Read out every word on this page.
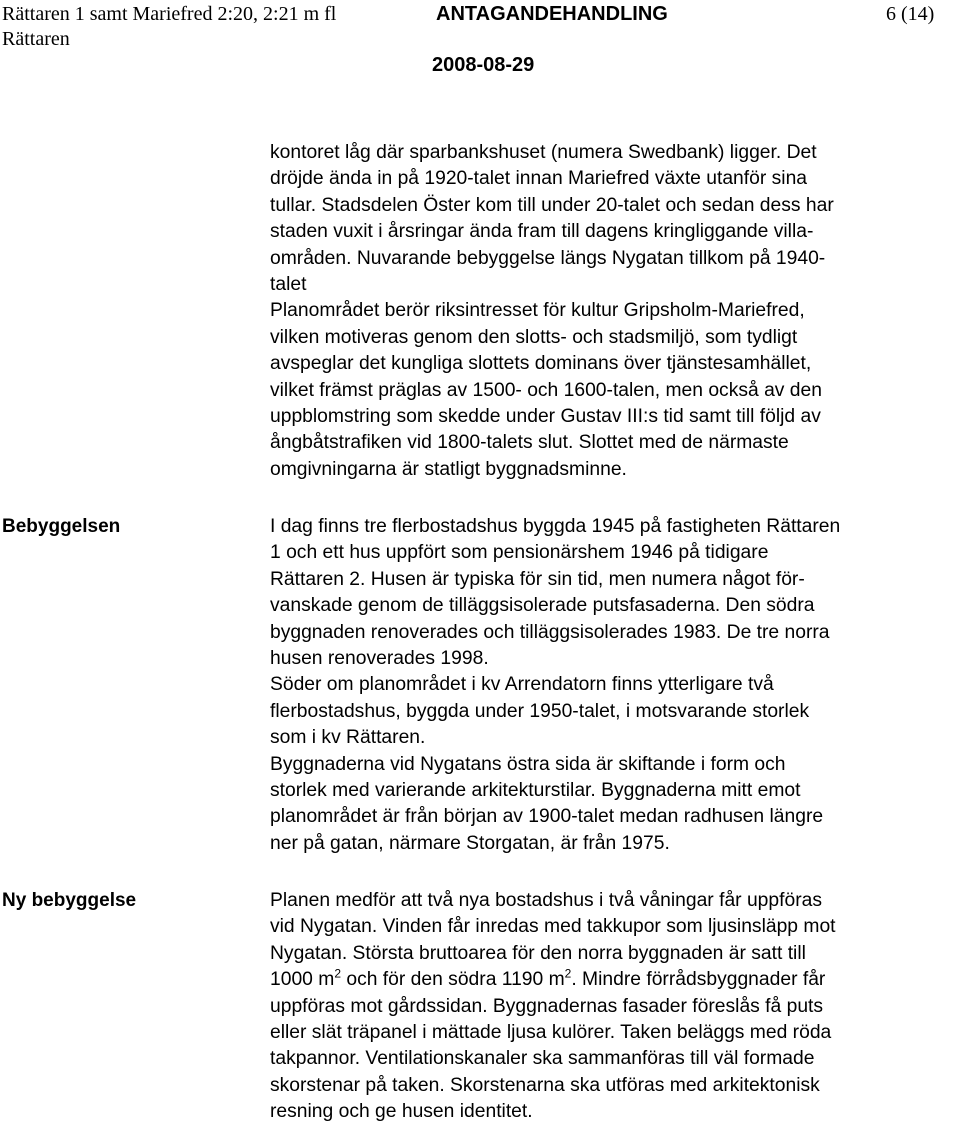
Rättaren 1 samt Mariefred 2:20, 2:21 m fl
Rättaren
ANTAGANDEHANDLING	6 (14)
2008-08-29

kontoret låg där sparbankshuset (numera Swedbank) ligger. Det

dröjde ända in på 1920-talet innan Mariefred växte utanför sina

tullar. Stadsdelen Öster kom till under 20-talet och sedan dess har

staden vuxit i årsringar ända fram till dagens kringliggande villa-

områden. Nuvarande bebyggelse längs Nygatan tillkom på 1940-

talet

Planområdet berör riksintresset för kultur Gripsholm-Mariefred,

vilken motiveras genom den slotts- och stadsmiljö, som tydligt

avspeglar det kungliga slottets dominans över tjänstesamhället,

vilket främst präglas av 1500- och 1600-talen, men också av den

uppblomstring som skedde under Gustav III:s tid samt till följd av

ångbåtstrafiken vid 1800-talets slut. Slottet med de närmaste

omgivningarna är statligt byggnadsminne.

Bebyggelsen	I dag finns tre flerbostadshus byggda 1945 på fastigheten Rättaren

1 och ett hus uppfört som pensionärshem 1946 på tidigare

Rättaren 2. Husen är typiska för sin tid, men numera något för-

vanskade genom de tilläggsisolerade putsfasaderna. Den södra

byggnaden renoverades och tilläggsisolerades 1983. De tre norra

husen renoverades 1998.

Söder om planområdet i kv Arrendatorn finns ytterligare två

flerbostadshus, byggda under 1950-talet, i motsvarande storlek

som i kv Rättaren.

Byggnaderna vid Nygatans östra sida är skiftande i form och

storlek med varierande arkitekturstilar. Byggnaderna mitt emot

planområdet är från början av 1900-talet medan radhusen längre

ner på gatan, närmare Storgatan, är från 1975.

Ny bebyggelse	Planen medför att två nya bostadshus i två våningar får uppföras

vid Nygatan. Vinden får inredas med takkupor som ljusinsläpp mot

Nygatan. Största bruttoarea för den norra byggnaden är satt till

1000 $m^2$ och för den södra 1190 $m^2$. Mindre förrådsbyggnader får

uppföras mot gårdssidan. Byggnadernas fasader föreslås få puts

eller slät träpanel i mättade ljusa kulörer. Taken beläggs med röda

takpannor. Ventilationskanaler ska sammanföras till väl formade

skorstenar på taken. Skorstenarna ska utföras med arkitektonisk

resning och ge husen identitet.
